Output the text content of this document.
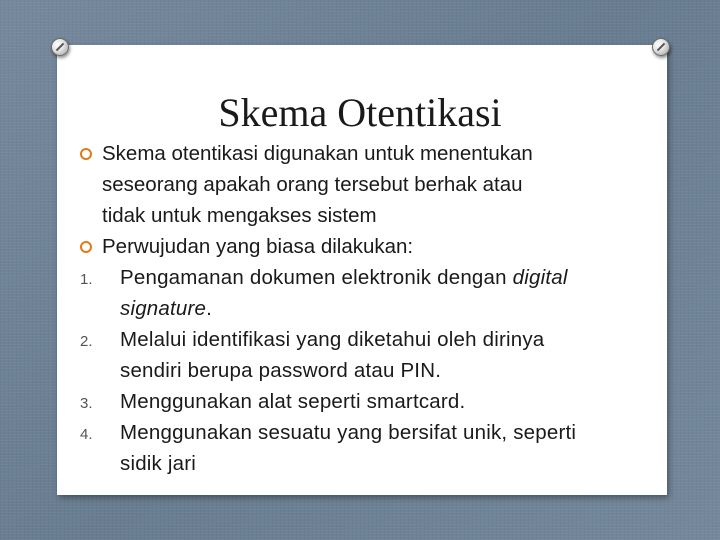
Skema Otentikasi
Skema otentikasi digunakan untuk menentukan
seseorang apakah orang tersebut berhak atau
tidak untuk mengakses sistem
Perwujudan yang biasa dilakukan:
1. Pengamanan dokumen elektronik dengan digital
signature.
2. Melalui identifikasi yang diketahui oleh dirinya
sendiri berupa password atau PIN.
3. Menggunakan alat seperti smartcard.
4. Menggunakan sesuatu yang bersifat unik, seperti
sidik jari
